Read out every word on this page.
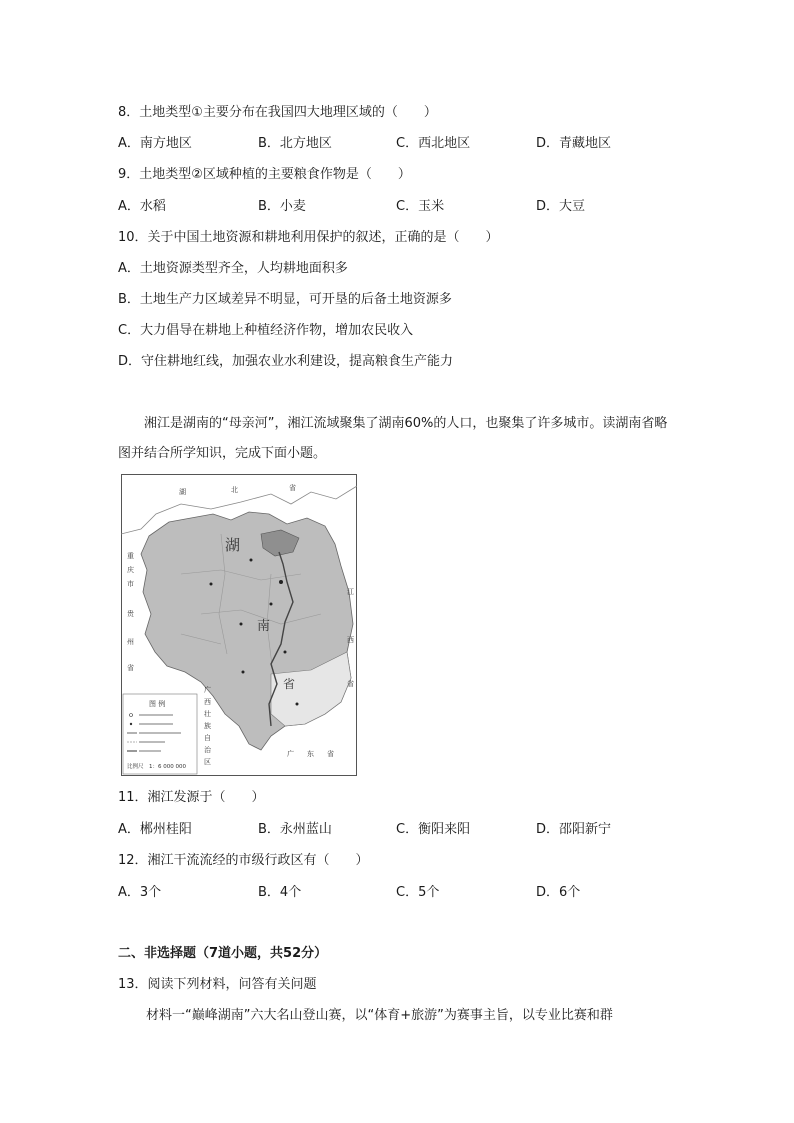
8．土地类型①主要分布在我国四大地理区域的（　　）
A．南方地区	B．北方地区	C．西北地区	D．青藏地区
9．土地类型②区域种植的主要粮食作物是（　　）
A．水稻	B．小麦	C．玉米	D．大豆
10．关于中国土地资源和耕地利用保护的叙述，正确的是（　　）
A．土地资源类型齐全，人均耕地面积多
B．土地生产力区域差异不明显，可开垦的后备土地资源多
C．大力倡导在耕地上种植经济作物，增加农民收入
D．守住耕地红线，加强农业水利建设，提高粮食生产能力
湘江是湖南的“母亲河”，湘江流域聚集了湖南60%的人口，也聚集了许多城市。读湖南省略图并结合所学知识，完成下面小题。
湖	北	省
重
庆
市
贵
州
省
江
西
省
广
西
壮
族
自
治
区
广 东 省
湖
南
省
图 例
比例尺　1：6 000 000
11．湘江发源于（　　）
A．郴州桂阳	B．永州蓝山	C．衡阳来阳	D．邵阳新宁
12．湘江干流流经的市级行政区有（　　）
A．3个	B．4个	C．5个	D．6个
二、非选择题（7道小题，共52分）
13．阅读下列材料，问答有关问题
材料一“巅峰湖南”六大名山登山赛，以“体育+旅游”为赛事主旨，以专业比赛和群
